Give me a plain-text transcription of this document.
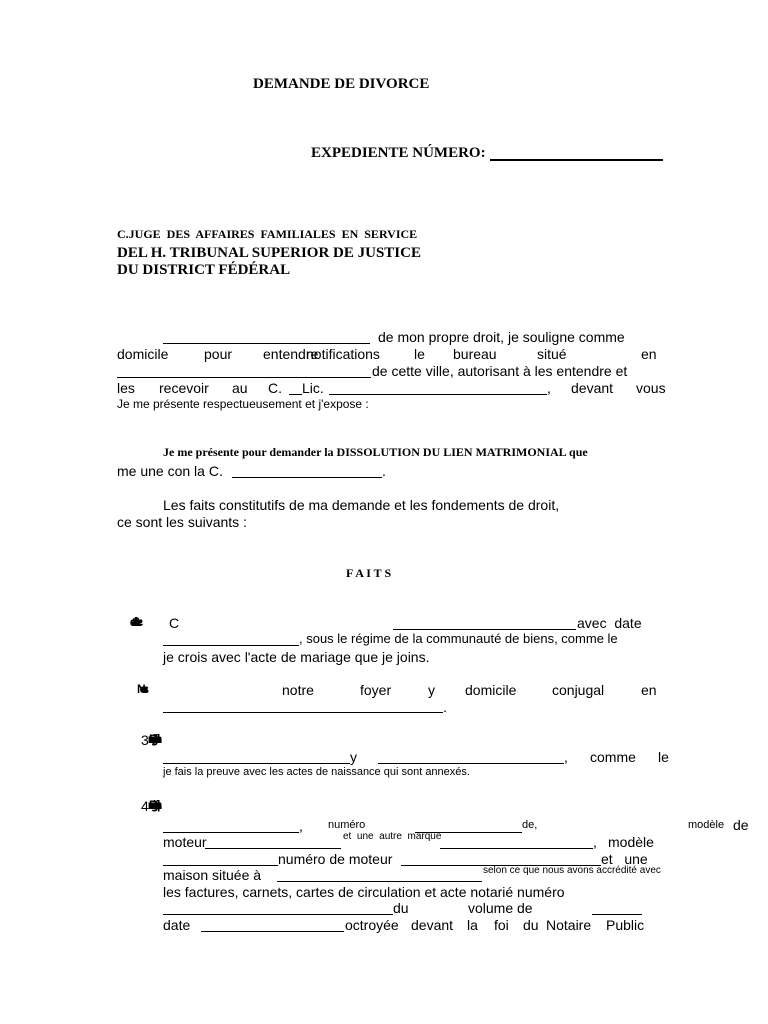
DEMANDE DE DIVORCE
EXPEDIENTE NÚMERO:
C.JUGE  DES  AFFAIRES  FAMILIALES  EN  SERVICE
DEL H. TRIBUNAL SUPERIOR DE JUSTICE
DU DISTRICT FÉDÉRAL
de mon propre droit, je souligne comme
domicile	pour entendre
notifications le bureau	situé	en
de cette ville, autorisant à les entendre et
les recevoir au C. Lic.	, devant vous
Je me présente respectueusement et j'expose :
Je me présente pour demander la DISSOLUTION DU LIEN MATRIMONIAL que
me une con la C.	.
Les faits constitutifs de ma demande et les fondements de droit,
ce sont les suivants :
F A I T S
C	avec  date
, sous le régime de la communauté de biens, comme le
je crois avec l'acte de mariage que je joins.
Nous	notre	foyer	y domicile	conjugal	en
.
3 Pendant notre mariage, nous avons procréé
y	, comme le
je fais la preuve avec les actes de naissance qui sont annexés.
4 Pendant notre mariage, nous avons acquis
, numéro	de,	modèle de
moteur	et  une  autre  marque	, modèle
numéro de moteur	et   une
maison située à	selon ce que nous avons accrédité avec
les factures, carnets, cartes de circulation et acte notarié numéro
du	volume de
date	octroyée devant la foi du Notaire Public
